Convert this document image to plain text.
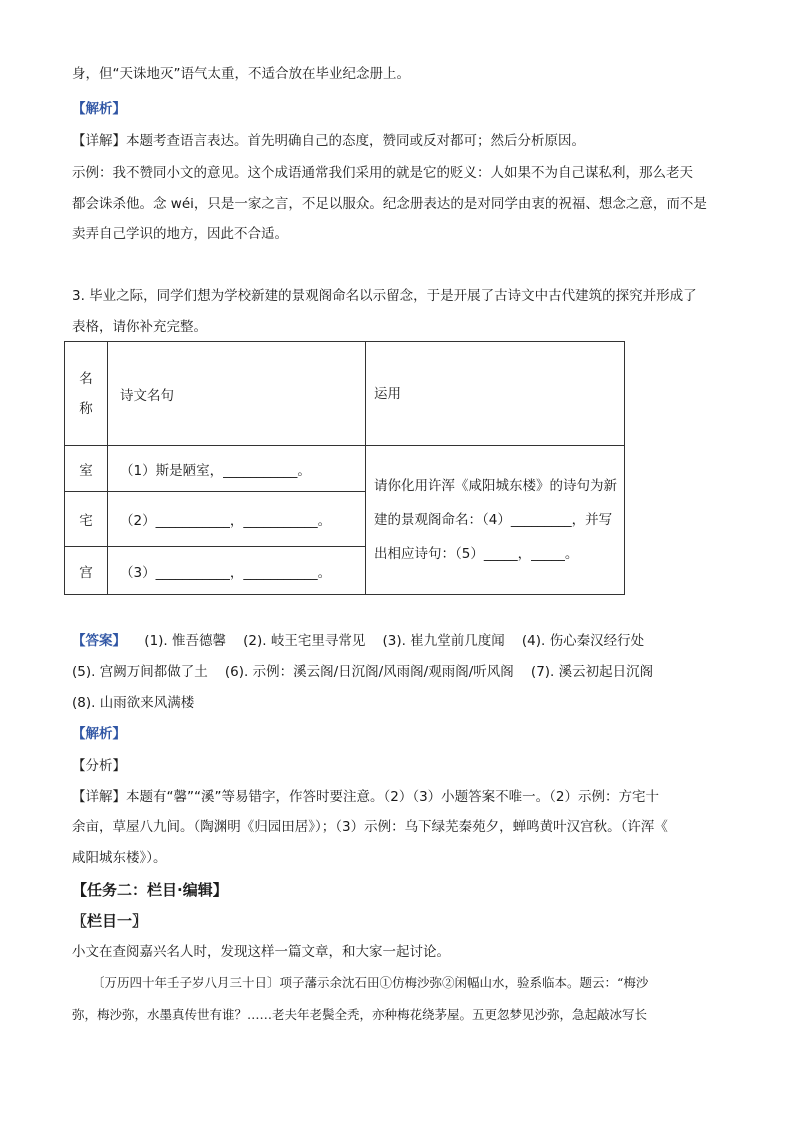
身，但“天诛地灭”语气太重，不适合放在毕业纪念册上。
【解析】
【详解】本题考查语言表达。首先明确自己的态度，赞同或反对都可；然后分析原因。
示例：我不赞同小文的意见。这个成语通常我们采用的就是它的贬义：人如果不为自己谋私利，那么老天
都会诛杀他。念 wéi，只是一家之言，不足以服众。纪念册表达的是对同学由衷的祝福、想念之意，而不是
卖弄自己学识的地方，因此不合适。
3. 毕业之际，同学们想为学校新建的景观阁命名以示留念，于是开展了古诗文中古代建筑的探究并形成了
表格，请你补充完整。
名
称	诗文名句	运用
室	（1）斯是陋室，___________。	请你化用许浑《咸阳城东楼》的诗句为新
建的景观阁命名：（4）_________，并写
出相应诗句：（5）_____，_____。

宅	（2）___________，___________。	
宫	（3）___________，___________。	
【答案】 (1). 惟吾德馨    (2). 岐王宅里寻常见    (3). 崔九堂前几度闻    (4). 伤心秦汉经行处
(5). 宫阙万间都做了土    (6). 示例：溪云阁/日沉阁/风雨阁/观雨阁/听风阁    (7). 溪云初起日沉阁
(8). 山雨欲来风满楼
【解析】
【分析】
【详解】本题有“馨”“溪”等易错字，作答时要注意。（2）（3）小题答案不唯一。（2）示例：方宅十
余亩，草屋八九间。（陶渊明《归园田居》）；（3）示例：乌下绿芜秦苑夕，蝉鸣黄叶汉宫秋。（许浑《
咸阳城东楼》）。
【任务二：栏目·编辑】
〖栏目一〗
小文在查阅嘉兴名人时，发现这样一篇文章，和大家一起讨论。
〔万历四十年壬子岁八月三十日〕项子藩示余沈石田①仿梅沙弥②闲幅山水，验系临本。题云：“梅沙
弥，梅沙弥，水墨真传世有谁？……老夫年老鬓全秃，亦种梅花绕茅屋。五更忽梦见沙弥，急起敲冰写长
